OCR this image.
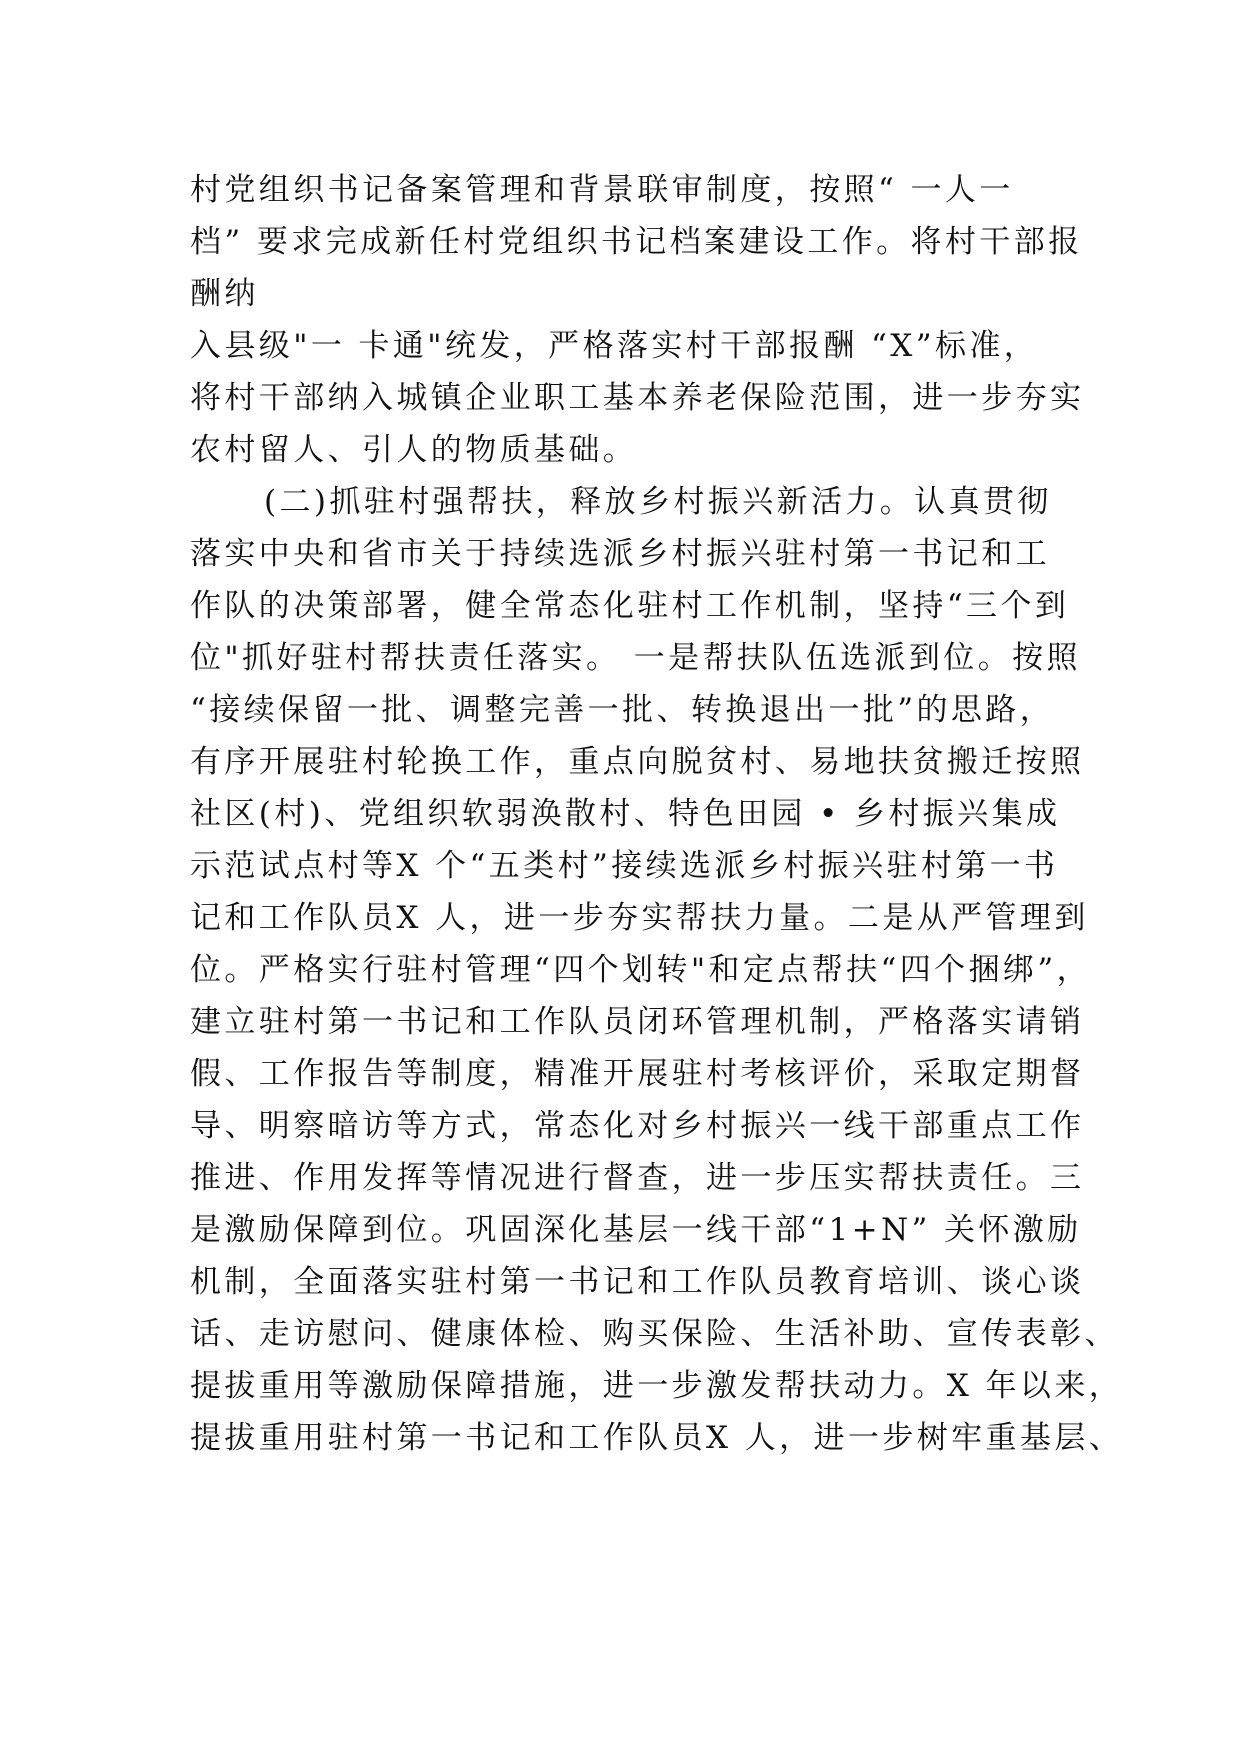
村党组织书记备案管理和背景联审制度，按照“ 一人一
档” 要求完成新任村党组织书记档案建设工作。将村干部报
酬纳
入县级"一 卡通"统发，严格落实村干部报酬 “X”标准，
将村干部纳入城镇企业职工基本养老保险范围，进一步夯实
农村留人、引人的物质基础。
(二)抓驻村强帮扶，释放乡村振兴新活力。认真贯彻
落实中央和省市关于持续选派乡村振兴驻村第一书记和工
作队的决策部署，健全常态化驻村工作机制，坚持“三个到
位"抓好驻村帮扶责任落实。 一是帮扶队伍选派到位。按照
“接续保留一批、调整完善一批、转换退出一批”的思路，
有序开展驻村轮换工作，重点向脱贫村、易地扶贫搬迁按照
社区(村)、党组织软弱涣散村、特色田园 • 乡村振兴集成
示范试点村等X 个“五类村”接续选派乡村振兴驻村第一书
记和工作队员X 人，进一步夯实帮扶力量。二是从严管理到
位。严格实行驻村管理“四个划转"和定点帮扶“四个捆绑”，
建立驻村第一书记和工作队员闭环管理机制，严格落实请销
假、工作报告等制度，精准开展驻村考核评价，采取定期督
导、明察暗访等方式，常态化对乡村振兴一线干部重点工作
推进、作用发挥等情况进行督查，进一步压实帮扶责任。三
是激励保障到位。巩固深化基层一线干部“1+N” 关怀激励
机制，全面落实驻村第一书记和工作队员教育培训、谈心谈
话、走访慰问、健康体检、购买保险、生活补助、宣传表彰、
提拔重用等激励保障措施，进一步激发帮扶动力。X 年以来，
提拔重用驻村第一书记和工作队员X 人，进一步树牢重基层、
